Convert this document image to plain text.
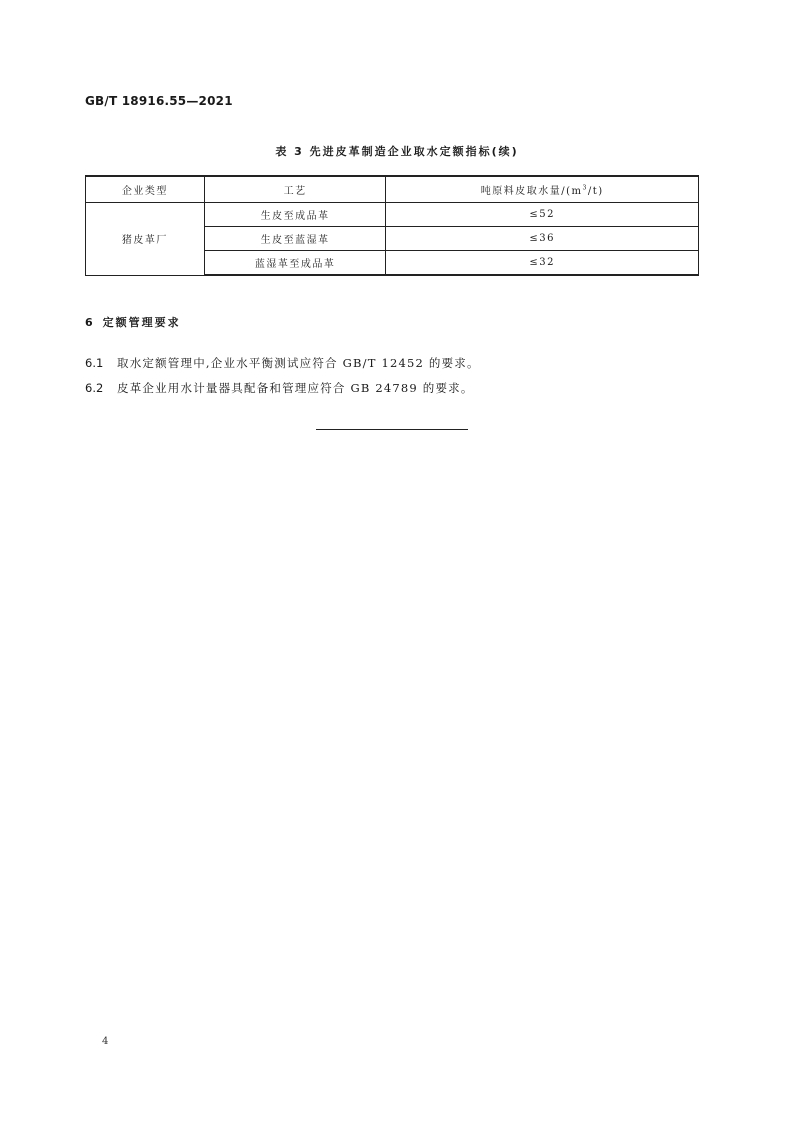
GB/T 18916.55—2021
表 3 先进皮革制造企业取水定额指标(续)
企业类型	工艺	吨原料皮取水量$/(m^3/t)$
猪皮革厂	生皮至成品革	≤52
	生皮至蓝湿革	≤36
	蓝湿革至成品革	≤32
6 定额管理要求
6.1 取水定额管理中,企业水平衡测试应符合 GB/T 12452 的要求。
6.2 皮革企业用水计量器具配备和管理应符合 GB 24789 的要求。
4
